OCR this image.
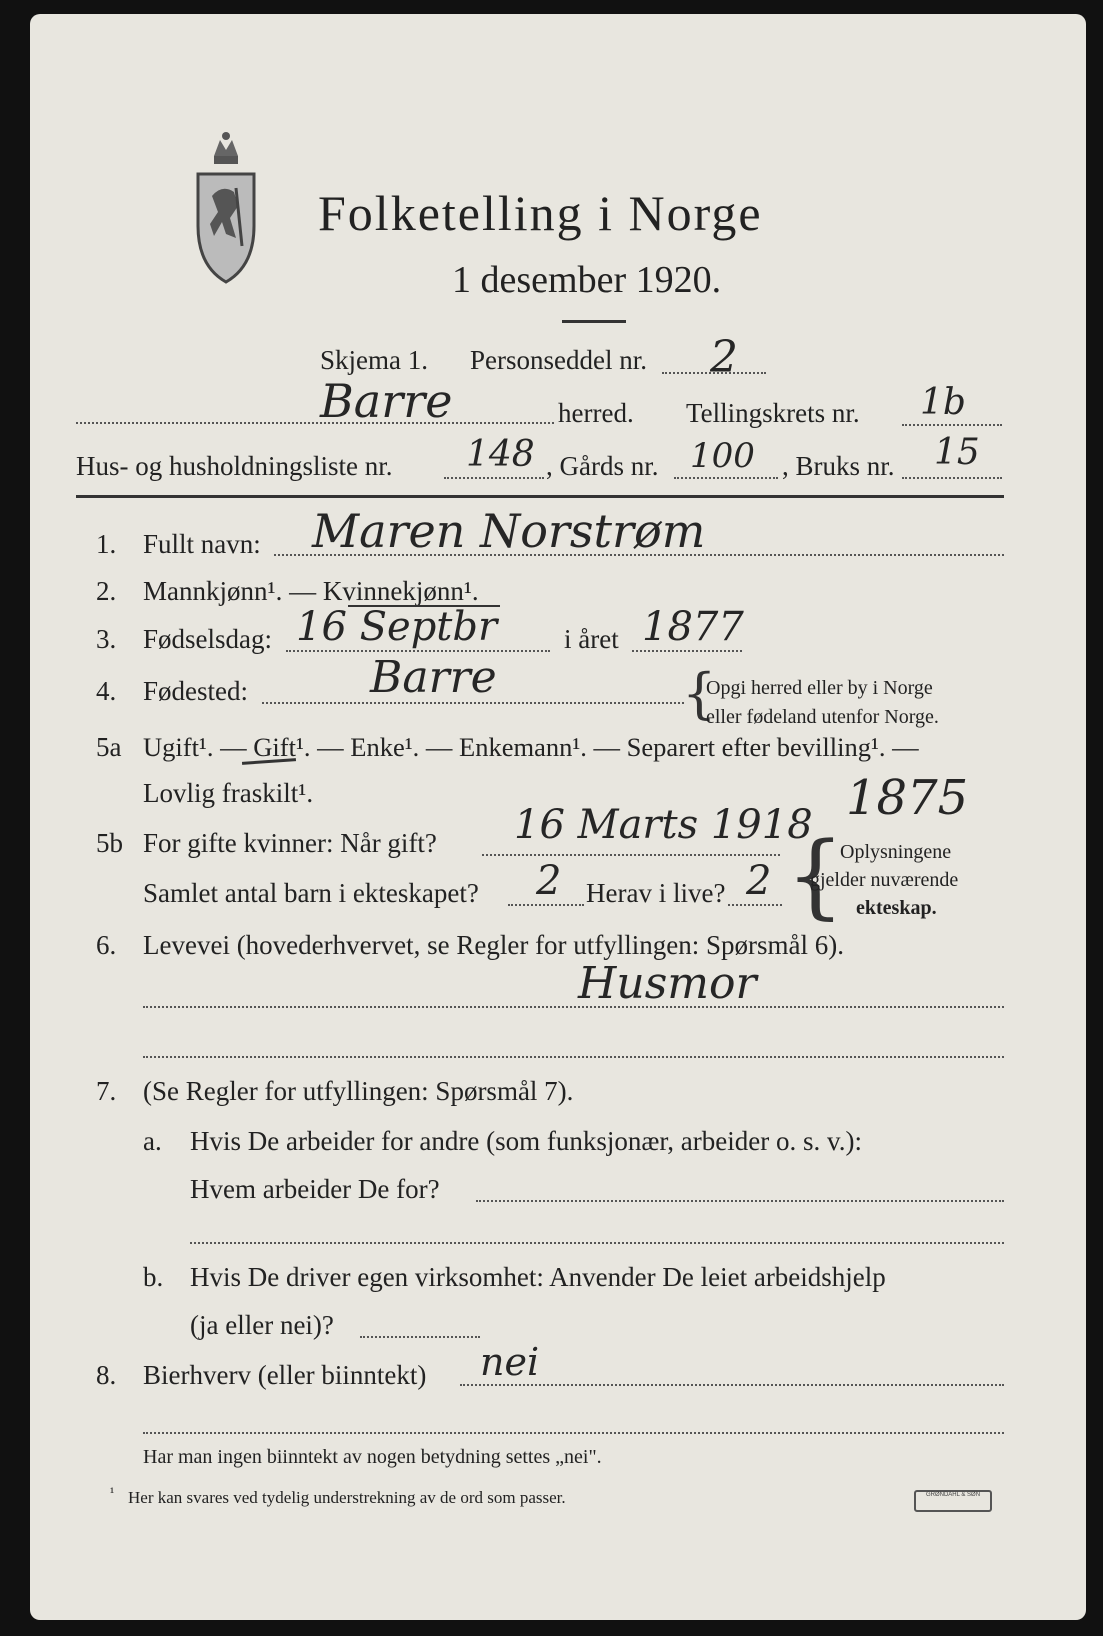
Folketelling i Norge
1 desember 1920.
Skjema 1. Personseddel nr. 2
Barre	herred. Tellingskrets nr. 1b
Hus- og husholdningsliste nr. 148 , Gårds nr. 100 , Bruks nr. 15
1. Fullt navn: Maren Norstrøm
2. Mannkjønn¹. — Kvinnekjønn¹.
3. Fødselsdag: 16 Septbr i året 1877
4. Fødested:	Barre	{
Opgi herred eller by i Norge
eller fødeland utenfor Norge.
5a Ugift¹. — Gift¹. — Enke¹. — Enkemann¹. — Separert efter bevilling¹. —
Lovlig fraskilt¹.
5b For gifte kvinner: Når gift? 16 Marts 1918 1875
Samlet antal barn i ekteskapet? 2 Herav i live? 2 {
Oplysningene
gjelder nuværende
ekteskap.
6. Levevei (hovederhvervet, se Regler for utfyllingen: Spørsmål 6).
Husmor
7. (Se Regler for utfyllingen: Spørsmål 7).
a. Hvis De arbeider for andre (som funksjonær, arbeider o. s. v.):
Hvem arbeider De for?
b. Hvis De driver egen virksomhet: Anvender De leiet arbeidshjelp
(ja eller nei)?
8. Bierhverv (eller biinntekt) nei
Har man ingen biinntekt av nogen betydning settes „nei".
¹ Her kan svares ved tydelig understrekning av de ord som passer.	GRØNDAHL & SØN
